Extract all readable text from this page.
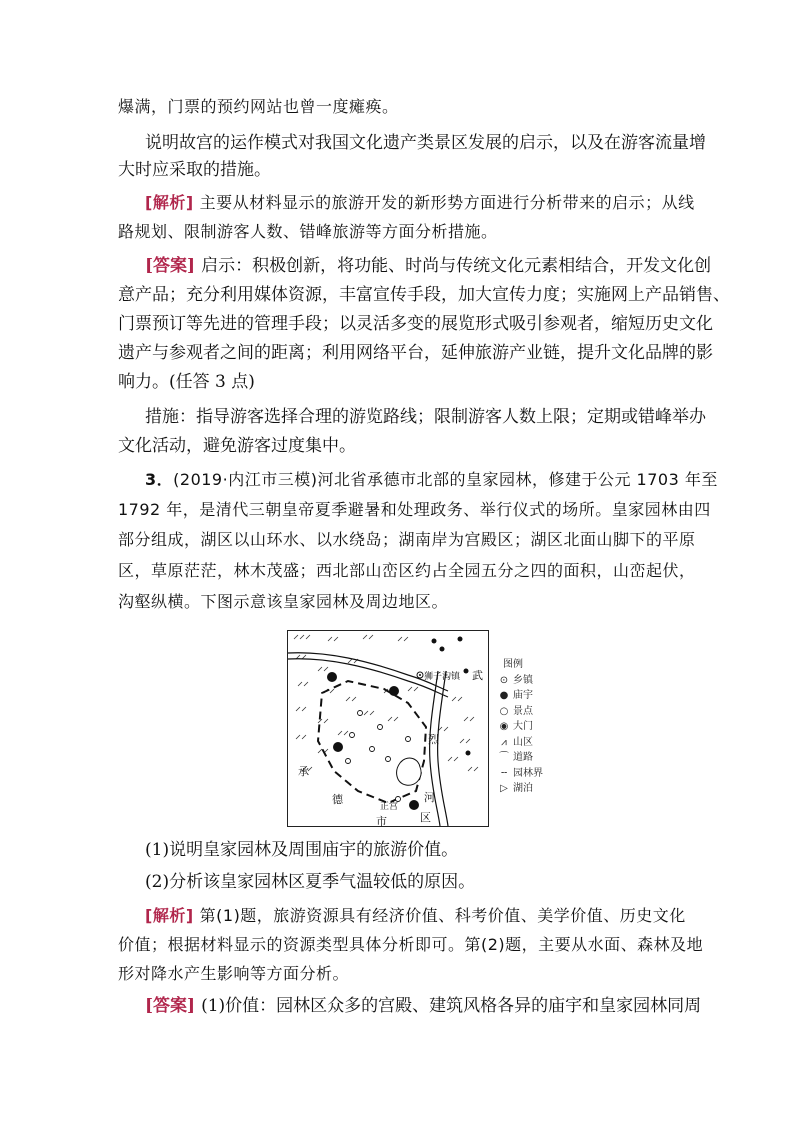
爆满，门票的预约网站也曾一度瘫痪。
说明故宫的运作模式对我国文化遗产类景区发展的启示，以及在游客流量增
大时应采取的措施。
[解析] 主要从材料显示的旅游开发的新形势方面进行分析带来的启示；从线
路规划、限制游客人数、错峰旅游等方面分析措施。
[答案] 启示：积极创新，将功能、时尚与传统文化元素相结合，开发文化创
意产品；充分利用媒体资源，丰富宣传手段，加大宣传力度；实施网上产品销售、
门票预订等先进的管理手段；以灵活多变的展览形式吸引参观者，缩短历史文化
遗产与参观者之间的距离；利用网络平台，延伸旅游产业链，提升文化品牌的影
响力。(任答 3 点)
措施：指导游客选择合理的游览路线；限制游客人数上限；定期或错峰举办
文化活动，避免游客过度集中。
3．(2019·内江市三模)河北省承德市北部的皇家园林，修建于公元 1703 年至
1792 年，是清代三朝皇帝夏季避暑和处理政务、举行仪式的场所。皇家园林由四
部分组成，湖区以山环水、以水绕岛；湖南岸为宫殿区；湖区北面山脚下的平原
区，草原茫茫，林木茂盛；西北部山峦区约占全园五分之四的面积，山峦起伏，
沟壑纵横。下图示意该皇家园林及周边地区。
狮子沟镇 武
烈
承
德
市
正宫
河
区
图例
⊙ 乡镇
● 庙宇
○ 景点
◉ 大门
⩘ 山区
⌒ 道路
╌ 园林界
▷ 湖泊
(1)说明皇家园林及周围庙宇的旅游价值。
(2)分析该皇家园林区夏季气温较低的原因。
[解析] 第(1)题，旅游资源具有经济价值、科考价值、美学价值、历史文化
价值；根据材料显示的资源类型具体分析即可。第(2)题，主要从水面、森林及地
形对降水产生影响等方面分析。
[答案] (1)价值：园林区众多的宫殿、建筑风格各异的庙宇和皇家园林同周
